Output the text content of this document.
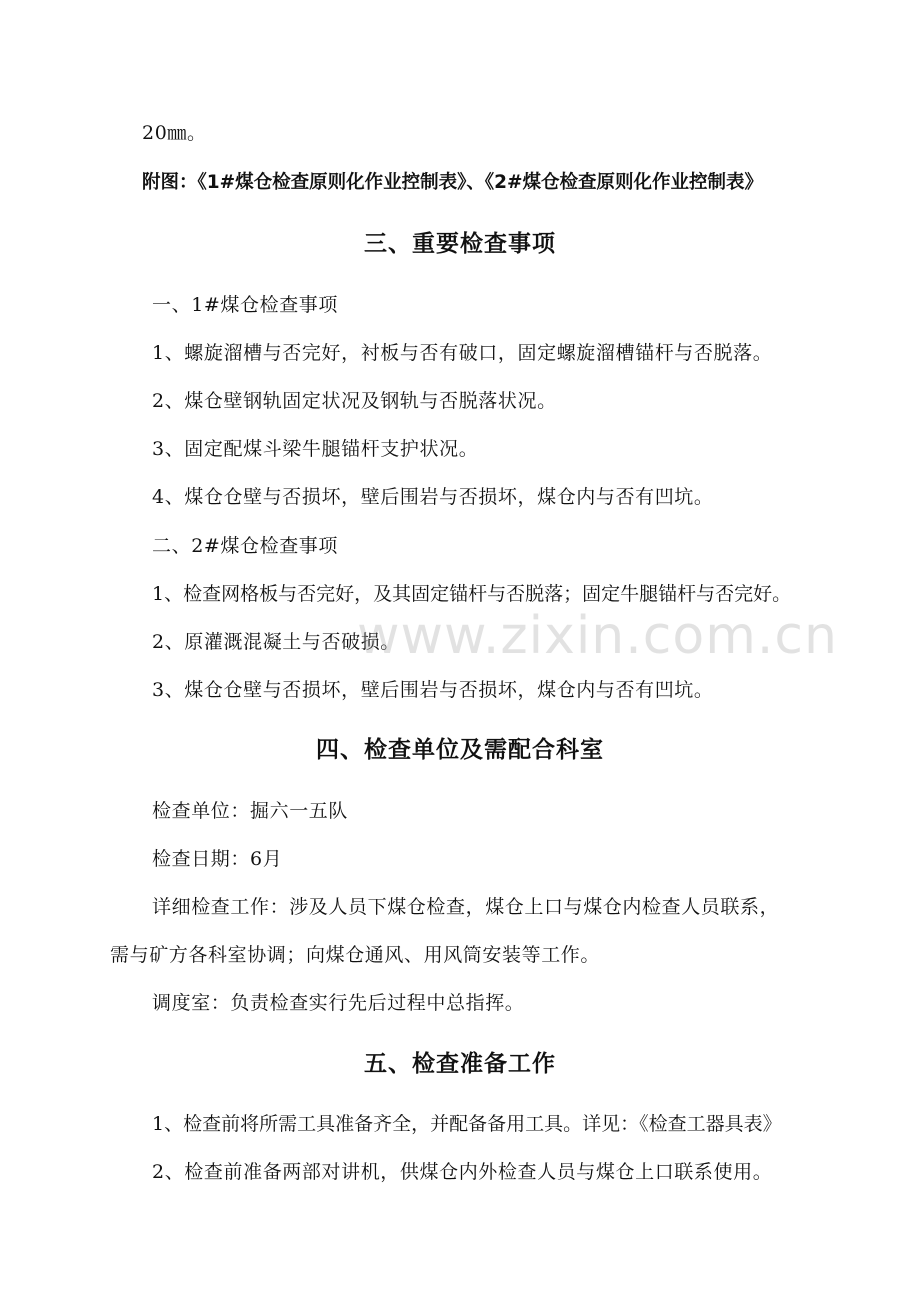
20㎜。
附图：《1#煤仓检查原则化作业控制表》、《2#煤仓检查原则化作业控制表》
三、重要检查事项
一、1#煤仓检查事项
1、螺旋溜槽与否完好，衬板与否有破口，固定螺旋溜槽锚杆与否脱落。
2、煤仓壁钢轨固定状况及钢轨与否脱落状况。
3、固定配煤斗梁牛腿锚杆支护状况。
4、煤仓仓壁与否损坏，壁后围岩与否损坏，煤仓内与否有凹坑。
二、2#煤仓检查事项
1、检查网格板与否完好，及其固定锚杆与否脱落；固定牛腿锚杆与否完好。
2、原灌溉混凝土与否破损。
3、煤仓仓壁与否损坏，壁后围岩与否损坏，煤仓内与否有凹坑。
四、检查单位及需配合科室
检查单位：掘六一五队
检查日期：6月
详细检查工作：涉及人员下煤仓检查，煤仓上口与煤仓内检查人员联系，
需与矿方各科室协调；向煤仓通风、用风筒安装等工作。
调度室：负责检查实行先后过程中总指挥。
五、检查准备工作
1、检查前将所需工具准备齐全，并配备备用工具。详见：《检查工器具表》
2、检查前准备两部对讲机，供煤仓内外检查人员与煤仓上口联系使用。
www.zixin.com.cn
